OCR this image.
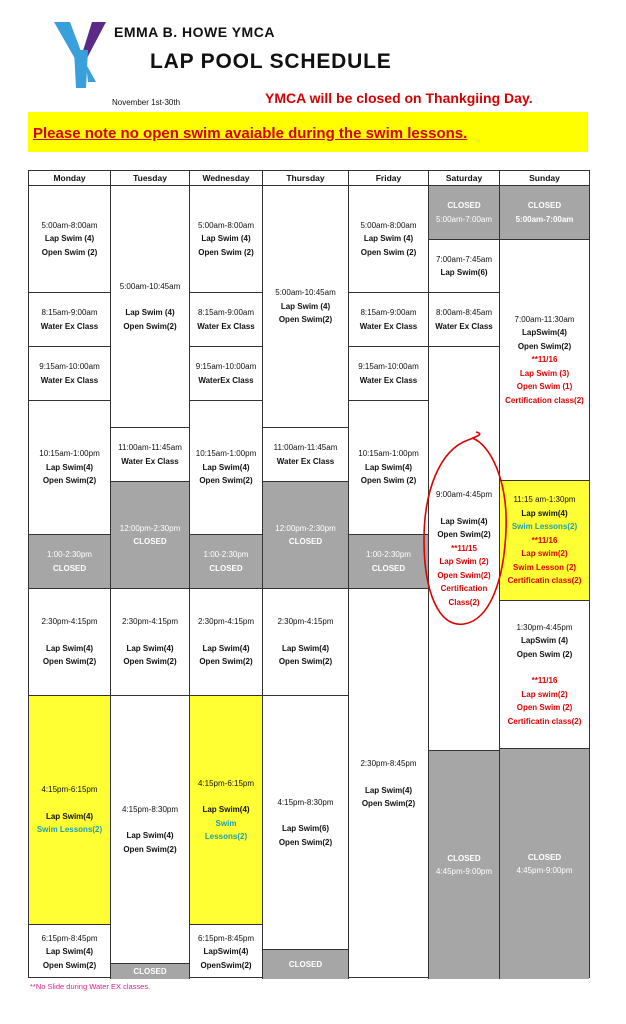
EMMA B. HOWE YMCA
LAP POOL SCHEDULE
November 1st-30th	YMCA will be closed on Thankgiing Day.
Please note no open swim avaiable during the swim lessons.
Monday
5:00am-8:00am
Lap Swim (4)
Open Swim (2)
8:15am-9:00am
Water Ex Class
9:15am-10:00am
Water Ex Class
10:15am-1:00pm
Lap Swim(4)
Open Swim(2)
1:00-2:30pm
CLOSED
2:30pm-4:15pm
Lap Swim(4)
Open Swim(2)
4:15pm-6:15pm
Lap Swim(4)
Swim Lessons(2)
6:15pm-8:45pm
Lap Swim(4)
Open Swim(2)
Tuesday
5:00am-10:45am
Lap Swim (4)
Open Swim(2)
11:00am-11:45am
Water Ex Class
12:00pm-2:30pm
CLOSED
2:30pm-4:15pm
Lap Swim(4)
Open Swim(2)
4:15pm-8:30pm
Lap Swim(4)
Open Swim(2)
CLOSED
Wednesday
5:00am-8:00am
Lap Swim (4)
Open Swim (2)
8:15am-9:00am
Water Ex Class
9:15am-10:00am
WaterEx Class
10:15am-1:00pm
Lap Swim(4)
Open Swim(2)
1:00-2:30pm
CLOSED
2:30pm-4:15pm
Lap Swim(4)
Open Swim(2)
4:15pm-6:15pm
Lap Swim(4)
Swim
Lessons(2)
6:15pm-8:45pm
LapSwim(4)
OpenSwim(2)
Thursday
5:00am-10:45am
Lap Swim (4)
Open Swim(2)
11:00am-11:45am
Water Ex Class
12:00pm-2:30pm
CLOSED
2:30pm-4:15pm
Lap Swim(4)
Open Swim(2)
4:15pm-8:30pm
Lap Swim(6)
Open Swim(2)
CLOSED
Friday
5:00am-8:00am
Lap Swim (4)
Open Swim (2)
8:15am-9:00am
Water Ex Class
9:15am-10:00am
Water Ex Class
10:15am-1:00pm
Lap Swim(4)
Open Swim (2)
1:00-2:30pm
CLOSED
2:30pm-8:45pm
Lap Swim(4)
Open Swim(2)
Saturday
CLOSED
5:00am-7:00am
7:00am-7:45am
Lap Swim(6)
8:00am-8:45am
Water Ex Class
9:00am-4:45pm
Lap Swim(4)
Open Swim(2)
**11/15
Lap Swim (2)
Open Swim(2)
Certification
Class(2)
CLOSED
4:45pm-9:00pm
Sunday
CLOSED
5:00am-7:00am
7:00am-11:30am
LapSwim(4)
Open Swim(2)
**11/16
Lap Swim (3)
Open Swim (1)
Certification class(2)
11:15 am-1:30pm
Lap swim(4)
Swim Lessons(2)
**11/16
Lap swim(2)
Swim Lesson (2)
Certificatin class(2)
1:30pm-4:45pm
LapSwim (4)
Open Swim (2)
**11/16
Lap swim(2)
Open Swim (2)
Certificatin class(2)
CLOSED
4:45pm-9:00pm
**No Slide during Water EX classes.
